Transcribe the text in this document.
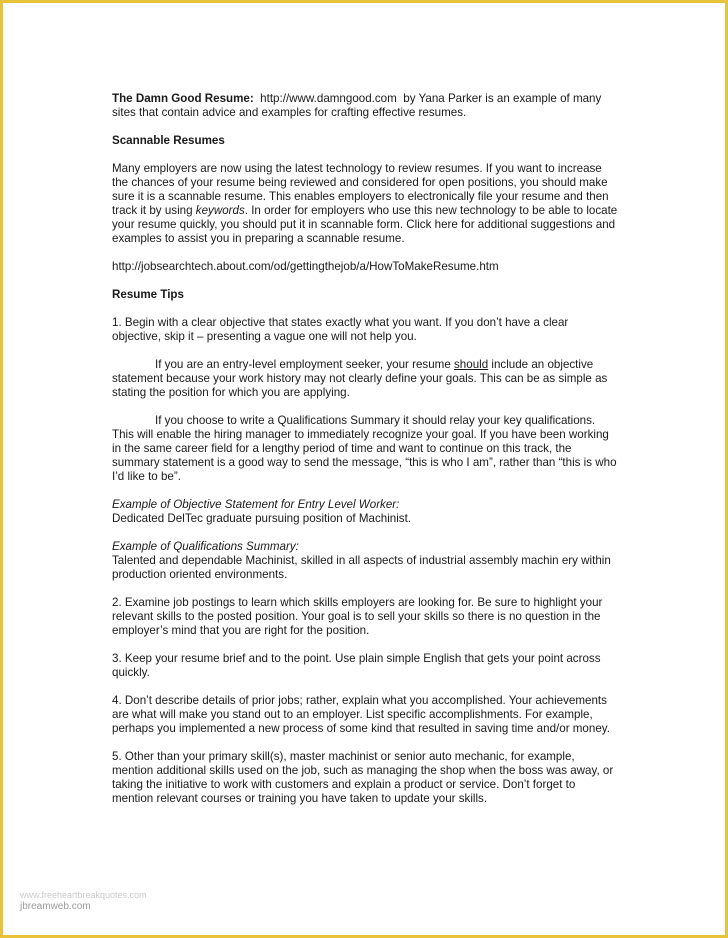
The Damn Good Resume: http://www.damngood.com by Yana Parker is an example of many sites that contain advice and examples for crafting effective resumes.

Scannable Resumes

Many employers are now using the latest technology to review resumes. If you want to increase the chances of your resume being reviewed and considered for open positions, you should make sure it is a scannable resume. This enables employers to electronically file your resume and then track it by using keywords. In order for employers who use this new technology to be able to locate your resume quickly, you should put it in scannable form. Click here for additional suggestions and examples to assist you in preparing a scannable resume.

http://jobsearchtech.about.com/od/gettingthejob/a/HowToMakeResume.htm

Resume Tips

1. Begin with a clear objective that states exactly what you want. If you don’t have a clear objective, skip it – presenting a vague one will not help you.

If you are an entry-level employment seeker, your resume should include an objective statement because your work history may not clearly define your goals. This can be as simple as stating the position for which you are applying.

If you choose to write a Qualifications Summary it should relay your key qualifications. This will enable the hiring manager to immediately recognize your goal. If you have been working in the same career field for a lengthy period of time and want to continue on this track, the summary statement is a good way to send the message, “this is who I am”, rather than “this is who I’d like to be”.

Example of Objective Statement for Entry Level Worker:

Dedicated DelTec graduate pursuing position of Machinist.

Example of Qualifications Summary:

Talented and dependable Machinist, skilled in all aspects of industrial assembly machin ery within production oriented environments.

2. Examine job postings to learn which skills employers are looking for. Be sure to highlight your relevant skills to the posted position. Your goal is to sell your skills so there is no question in the employer’s mind that you are right for the position.

3. Keep your resume brief and to the point. Use plain simple English that gets your point across quickly.

4. Don’t describe details of prior jobs; rather, explain what you accomplished. Your achievements are what will make you stand out to an employer. List specific accomplishments. For example, perhaps you implemented a new process of some kind that resulted in saving time and/or money.

5. Other than your primary skill(s), master machinist or senior auto mechanic, for example, mention additional skills used on the job, such as managing the shop when the boss was away, or taking the initiative to work with customers and explain a product or service. Don’t forget to mention relevant courses or training you have taken to update your skills.

www.freeheartbreakquotes.com
jbreamweb.com
